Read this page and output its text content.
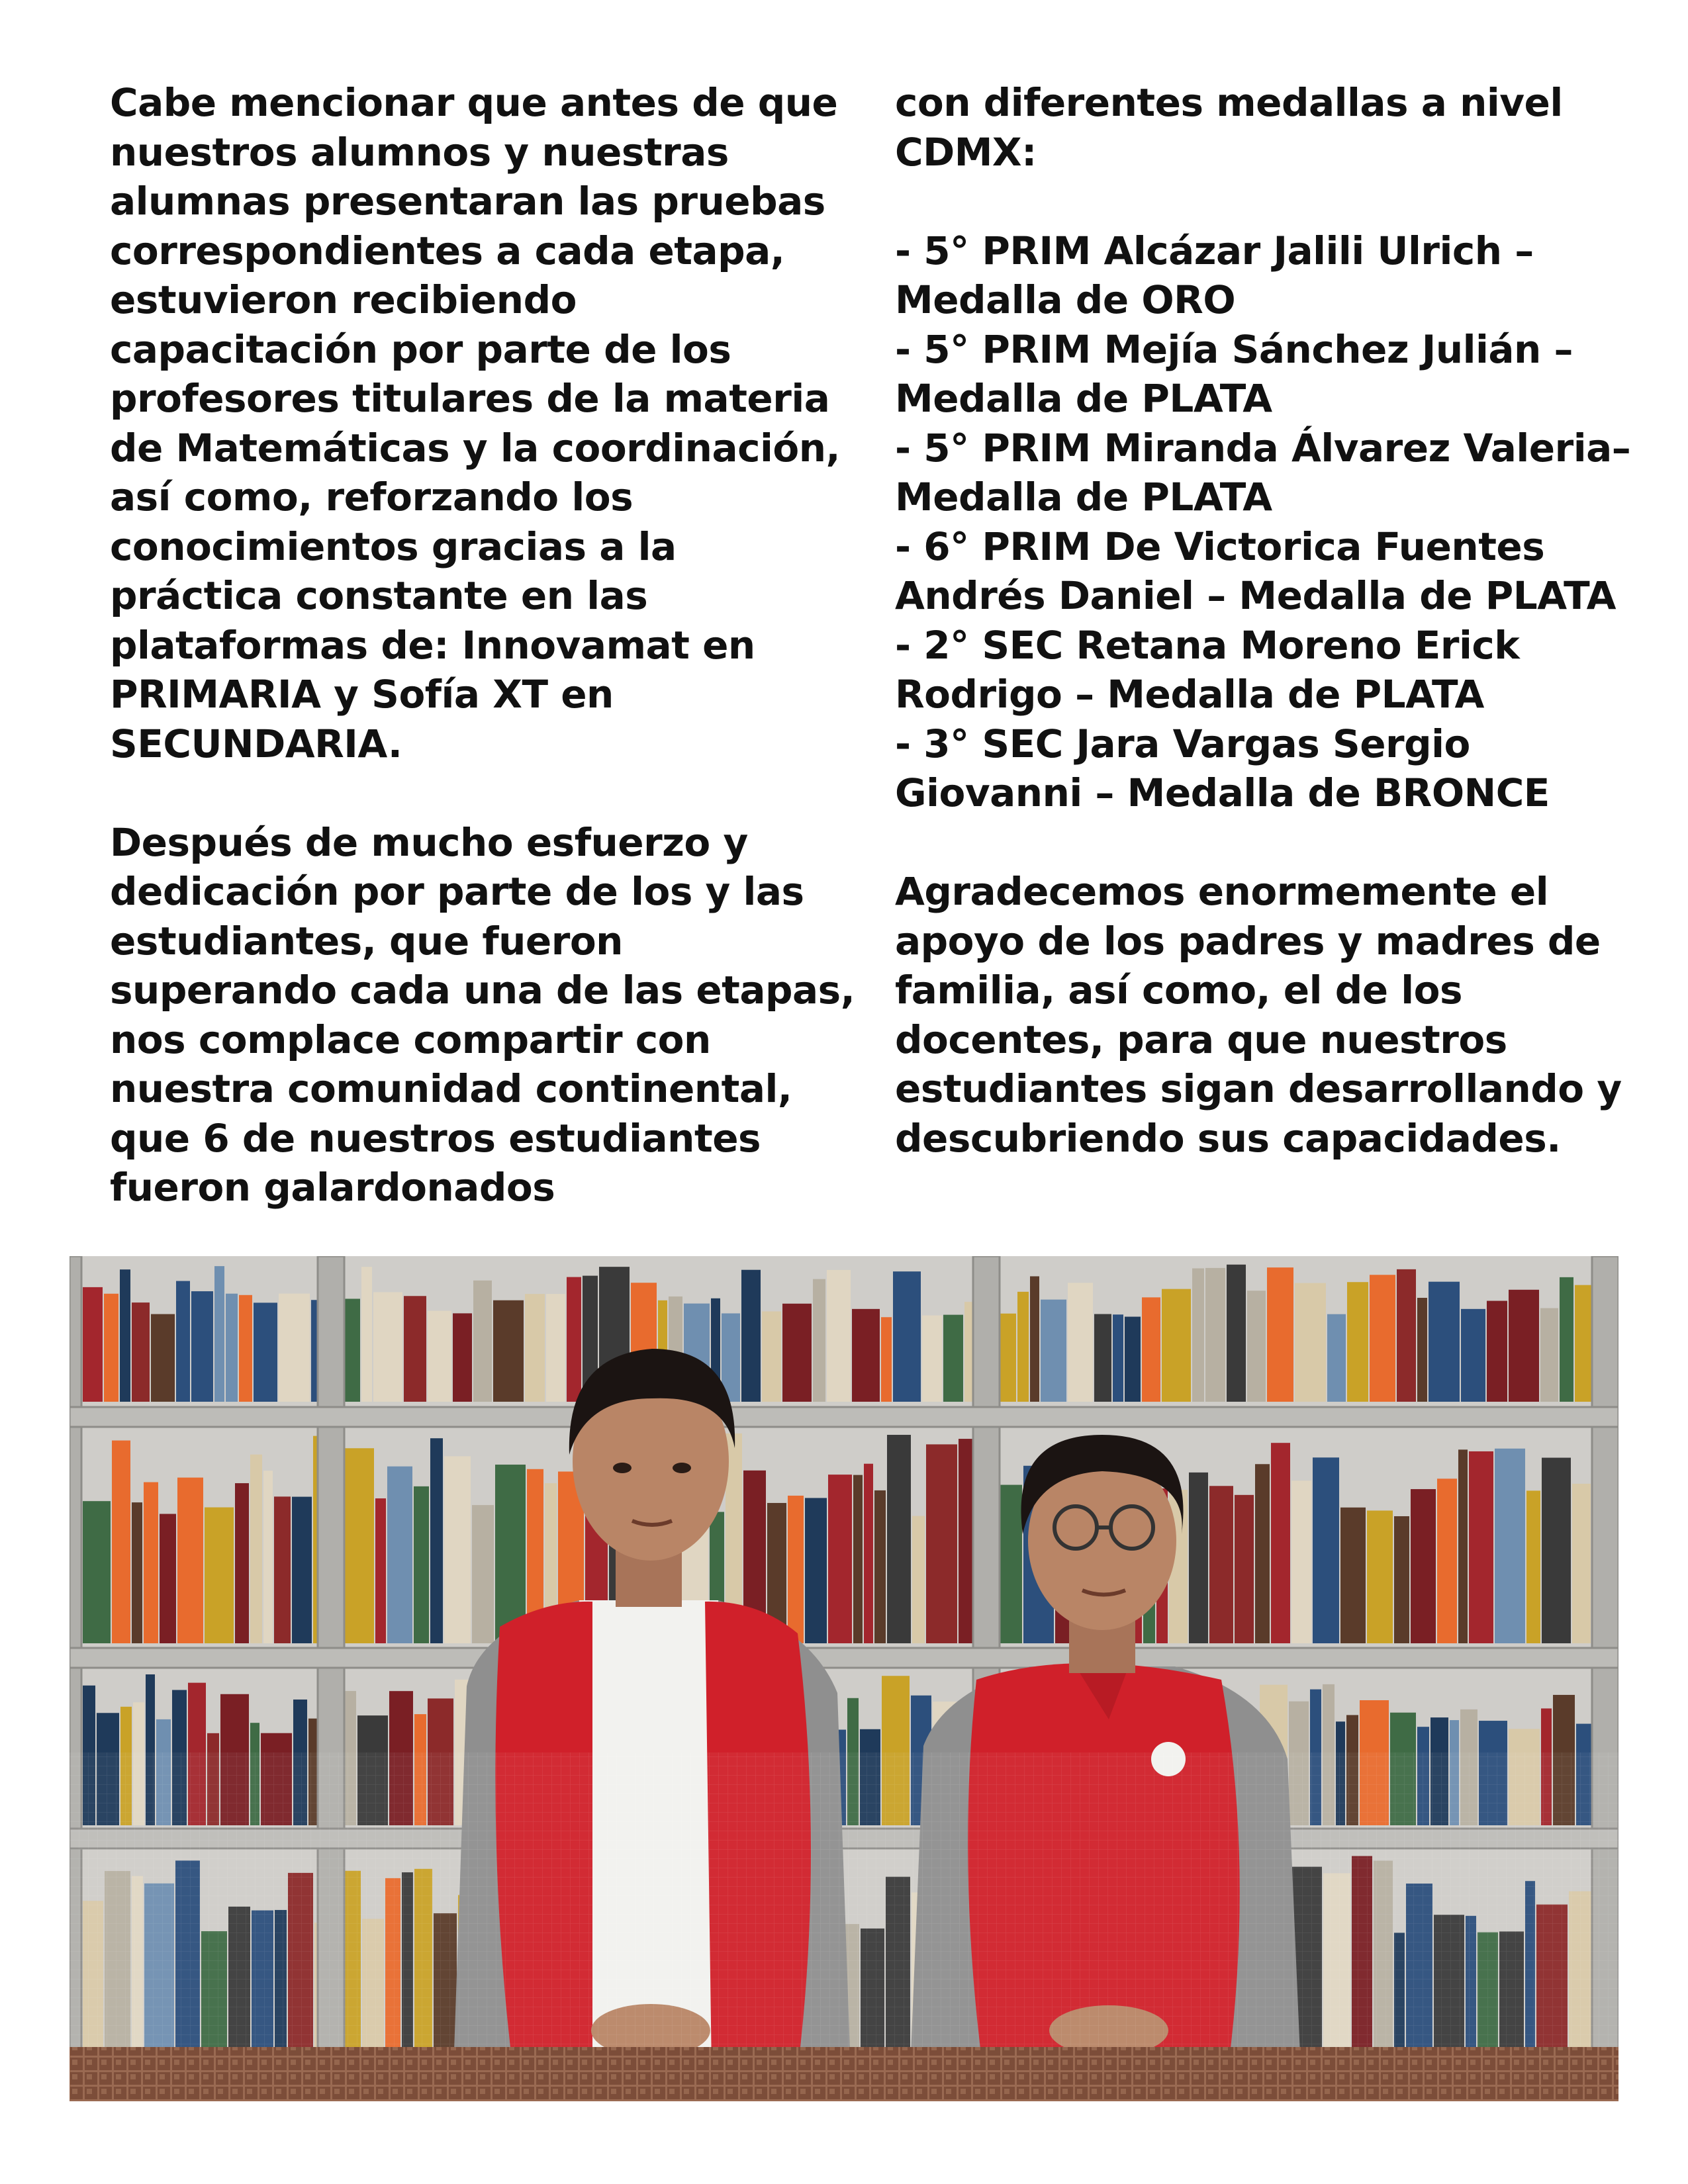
Cabe mencionar que antes de que
nuestros alumnos y nuestras
alumnas presentaran las pruebas
correspondientes a cada etapa,
estuvieron recibiendo
capacitación por parte de los
profesores titulares de la materia
de Matemáticas y la coordinación,
así como, reforzando los
conocimientos gracias a la
práctica constante en las
plataformas de: Innovamat en
PRIMARIA y Sofía XT en
SECUNDARIA.

Después de mucho esfuerzo y
dedicación por parte de los y las
estudiantes, que fueron
superando cada una de las etapas,
nos complace compartir con
nuestra comunidad continental,
que 6 de nuestros estudiantes
fueron galardonados

con diferentes medallas a nivel
CDMX:

- 5° PRIM Alcázar Jalili Ulrich –
Medalla de ORO

- 5° PRIM Mejía Sánchez Julián –
Medalla de PLATA

- 5° PRIM Miranda Álvarez Valeria–
Medalla de PLATA

- 6° PRIM De Victorica Fuentes
Andrés Daniel – Medalla de PLATA

- 2° SEC Retana Moreno Erick
Rodrigo – Medalla de PLATA

- 3° SEC Jara Vargas Sergio
Giovanni – Medalla de BRONCE

Agradecemos enormemente el
apoyo de los padres y madres de
familia, así como, el de los
docentes, para que nuestros
estudiantes sigan desarrollando y
descubriendo sus capacidades.
